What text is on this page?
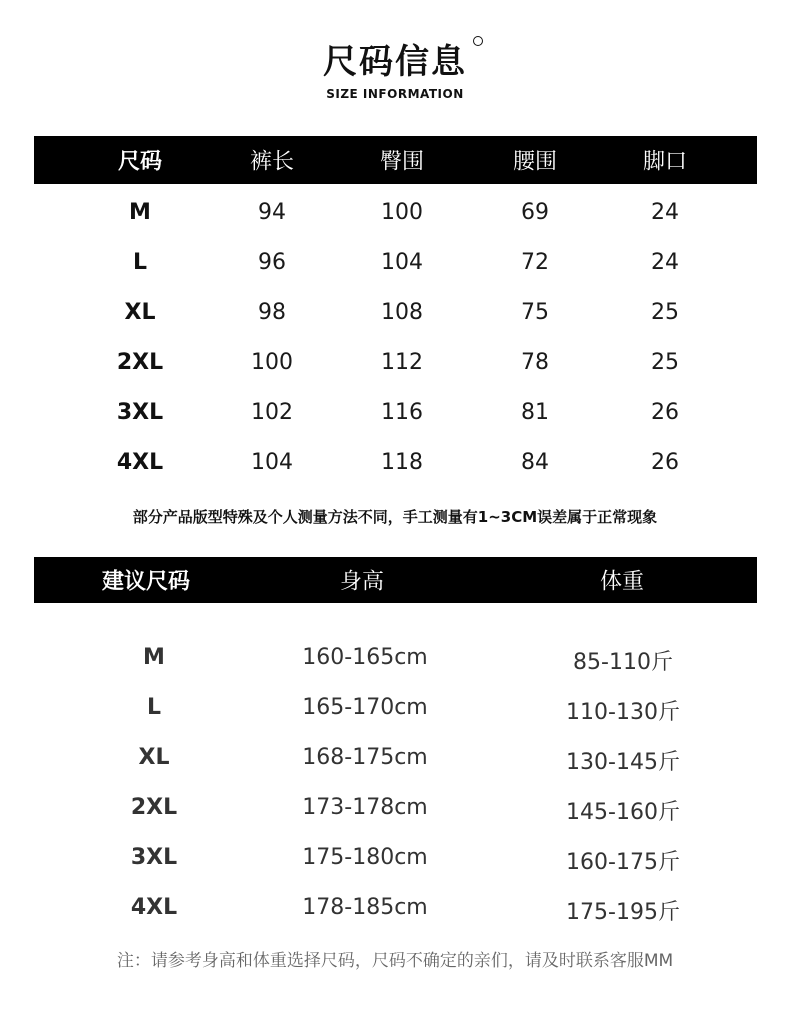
尺码信息
SIZE INFORMATION
尺码	裤长	臀围	腰围	脚口
M	94	100	69	24
L	96	104	72	24
XL	98	108	75	25
2XL	100	112	78	25
3XL	102	116	81	26
4XL	104	118	84	26
部分产品版型特殊及个人测量方法不同，手工测量有1~3CM误差属于正常现象
建议尺码	身高	体重
M	160-165cm	85-110斤
L	165-170cm	110-130斤
XL	168-175cm	130-145斤
2XL	173-178cm	145-160斤
3XL	175-180cm	160-175斤
4XL	178-185cm	175-195斤
注：请参考身高和体重选择尺码，尺码不确定的亲们，请及时联系客服MM
